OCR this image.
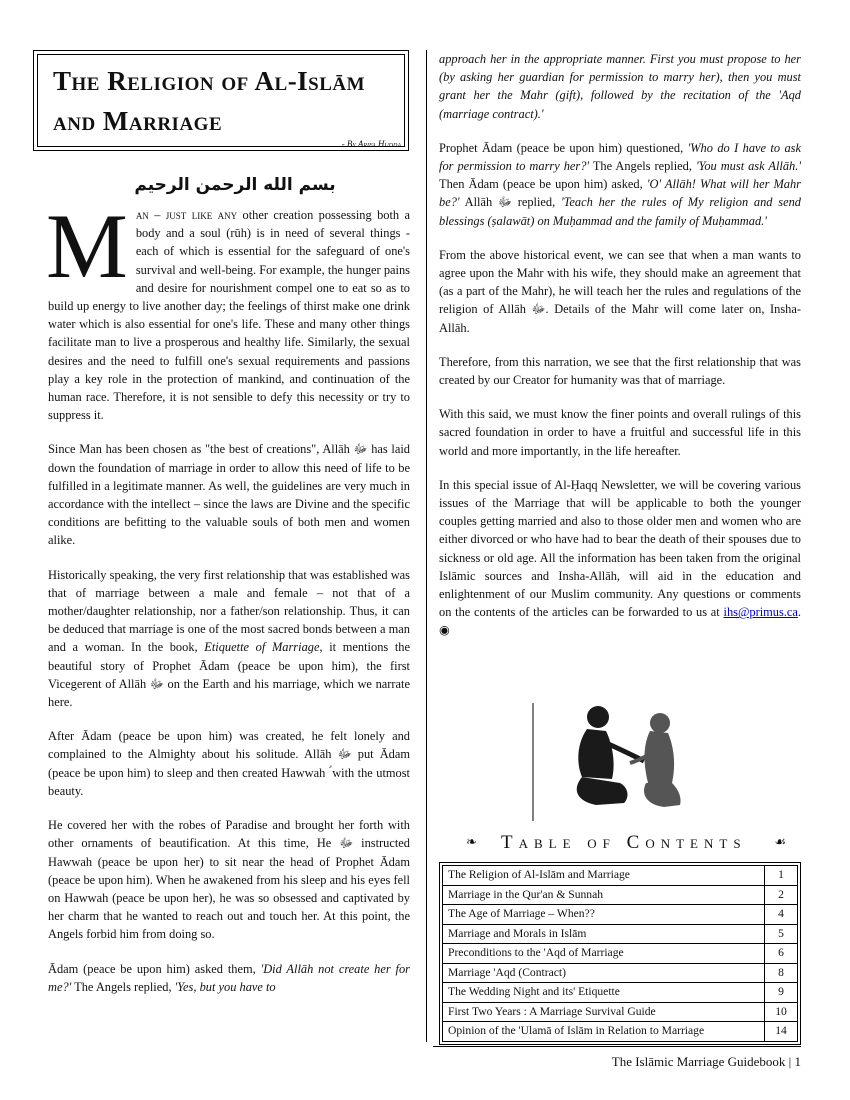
The Religion of Al-Islām and Marriage
- By Arifa Hudda
بسم الله الرحمن الرحيم

Man – just like any other creation possessing both a body and a soul (rūh) is in need of several things - each of which is essential for the safeguard of one's survival and well-being. For example, the hunger pains and desire for nourishment compel one to eat so as to build up energy to live another day; the feelings of thirst make one drink water which is also essential for one's life. These and many other things facilitate man to live a prosperous and healthy life. Similarly, the sexual desires and the need to fulfill one's sexual requirements and passions play a key role in the protection of mankind, and continuation of the human race. Therefore, it is not sensible to defy this necessity or try to suppress it.

Since Man has been chosen as "the best of creations", Allāh ﷻ has laid down the foundation of marriage in order to allow this need of life to be fulfilled in a legitimate manner. As well, the guidelines are very much in accordance with the intellect – since the laws are Divine and the specific conditions are befitting to the valuable souls of both men and women alike.

Historically speaking, the very first relationship that was established was that of marriage between a male and female – not that of a mother/daughter relationship, nor a father/son relationship. Thus, it can be deduced that marriage is one of the most sacred bonds between a man and a woman. In the book, Etiquette of Marriage, it mentions the beautiful story of Prophet Ādam (peace be upon him), the first Vicegerent of Allāh ﷻ on the Earth and his marriage, which we narrate here.

After Ādam (peace be upon him) was created, he felt lonely and complained to the Almighty about his solitude. Allāh ﷻ put Ādam (peace be upon him) to sleep and then created Hawwah ؑ with the utmost beauty.

He covered her with the robes of Paradise and brought her forth with other ornaments of beautification. At this time, He ﷻ instructed Hawwah (peace be upon her) to sit near the head of Prophet Ādam (peace be upon him). When he awakened from his sleep and his eyes fell on Hawwah (peace be upon her), he was so obsessed and captivated by her charm that he wanted to reach out and touch her. At this point, the Angels forbid him from doing so.

Ādam (peace be upon him) asked them, 'Did Allāh not create her for me?' The Angels replied, 'Yes, but you have to

approach her in the appropriate manner. First you must propose to her (by asking her guardian for permission to marry her), then you must grant her the Mahr (gift), followed by the recitation of the 'Aqd (marriage contract).'

Prophet Ādam (peace be upon him) questioned, 'Who do I have to ask for permission to marry her?' The Angels replied, 'You must ask Allāh.' Then Ādam (peace be upon him) asked, 'O' Allāh! What will her Mahr be?' Allāh ﷻ replied, 'Teach her the rules of My religion and send blessings (ṣalawāt) on Muḥammad and the family of Muḥammad.'

From the above historical event, we can see that when a man wants to agree upon the Mahr with his wife, they should make an agreement that (as a part of the Mahr), he will teach her the rules and regulations of the religion of Allāh ﷻ. Details of the Mahr will come later on, Insha-Allāh.

Therefore, from this narration, we see that the first relationship that was created by our Creator for humanity was that of marriage.

With this said, we must know the finer points and overall rulings of this sacred foundation in order to have a fruitful and successful life in this world and more importantly, in the life hereafter.

In this special issue of Al-Ḥaqq Newsletter, we will be covering various issues of the Marriage that will be applicable to both the younger couples getting married and also to those older men and women who are either divorced or who have had to bear the death of their spouses due to sickness or old age. All the information has been taken from the original Islāmic sources and Insha-Allāh, will aid in the education and enlightenment of our Muslim community. Any questions or comments on the contents of the articles can be forwarded to us at ihs@primus.ca. ◉

❧ Table of Contents ☙
The Religion of Al-Islām and Marriage	1
Marriage in the Qur'an & Sunnah	2
The Age of Marriage – When??	4
Marriage and Morals in Islām	5
Preconditions to the 'Aqd of Marriage	6
Marriage 'Aqd (Contract)	8
The Wedding Night and its' Etiquette	9
First Two Years : A Marriage Survival Guide	10
Opinion of the 'Ulamā of Islām in Relation to Marriage	14
The Islāmic Marriage Guidebook | 1
